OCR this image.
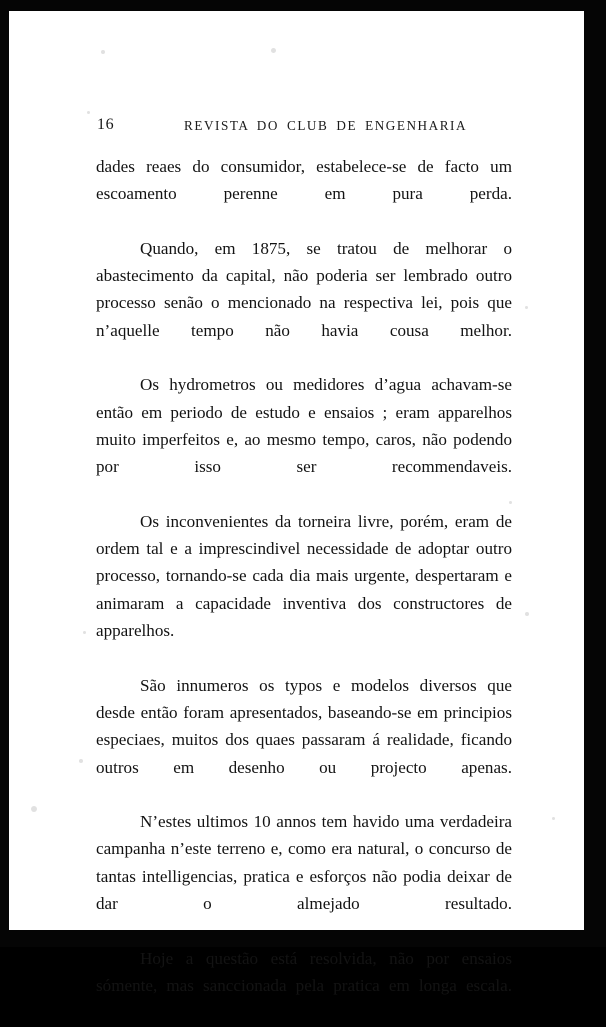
16	REVISTA DO CLUB DE ENGENHARIA

dades reaes do consumidor, estabelece-se de facto um escoamento perenne em pura perda.

Quando, em 1875, se tratou de melhorar o abastecimento da capital, não poderia ser lembrado outro processo senão o mencionado na respectiva lei, pois que n’aquelle tempo não havia cousa melhor.

Os hydrometros ou medidores d’agua achavam-se então em periodo de estudo e ensaios ; eram apparelhos muito imperfeitos e, ao mesmo tempo, caros, não podendo por isso ser recommendaveis.

Os inconvenientes da torneira livre, porém, eram de ordem tal e a imprescindivel necessidade de adoptar outro processo, tornando-se cada dia mais urgente, despertaram e animaram a capacidade inventiva dos constructores de apparelhos.

São innumeros os typos e modelos diversos que desde então foram apresentados, baseando-se em principios especiaes, muitos dos quaes passaram á realidade, ficando outros em desenho ou projecto apenas.

N’estes ultimos 10 annos tem havido uma verdadeira campanha n’este terreno e, como era natural, o concurso de tantas intelligencias, pratica e esforços não podia deixar de dar o almejado resultado.

Hoje a questão está resolvida, não por ensaios sómente, mas sanccionada pela pratica em longa escala.
